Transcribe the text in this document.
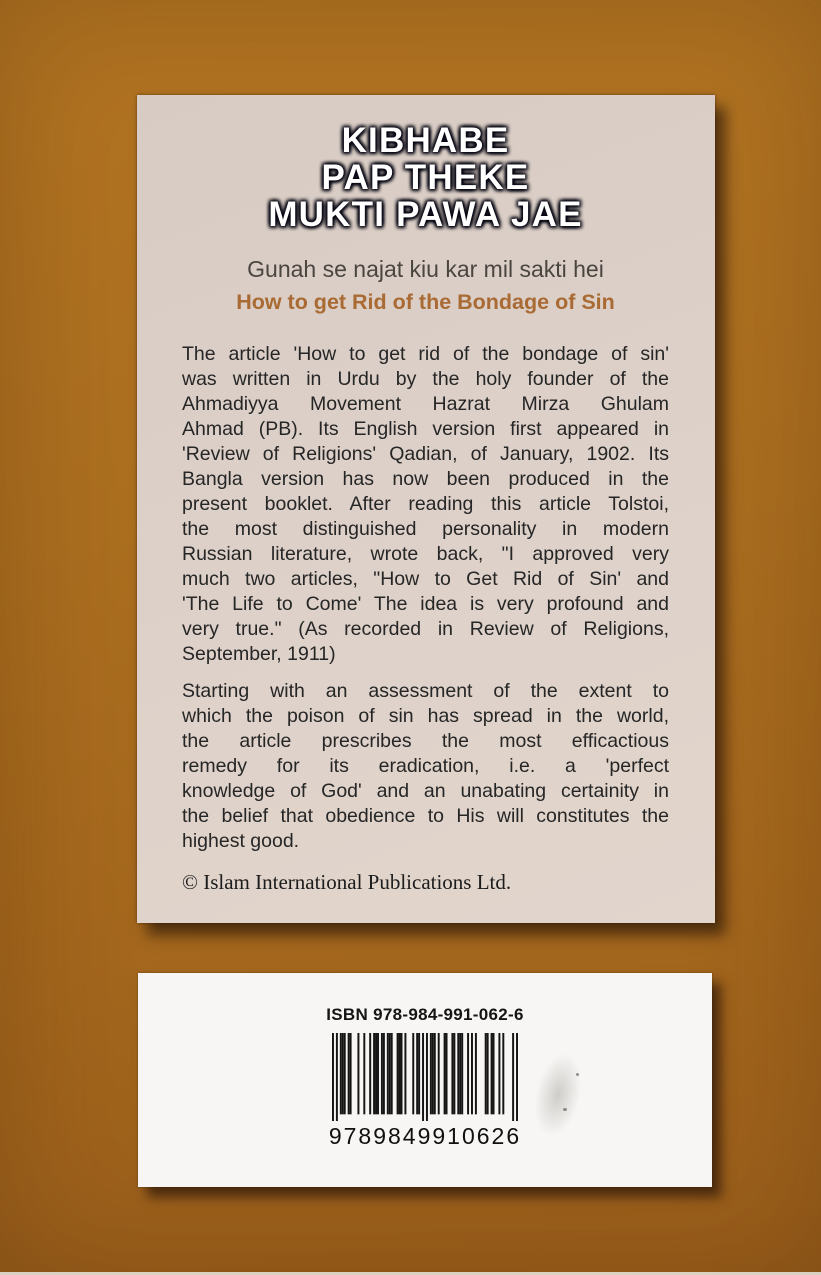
KIBHABE
PAP THEKE
MUKTI PAWA JAE
Gunah se najat kiu kar mil sakti hei
How to get Rid of the Bondage of Sin
The article 'How to get rid of the bondage of sin'
was written in Urdu by the holy founder of the
Ahmadiyya Movement Hazrat Mirza Ghulam
Ahmad (PB). Its English version first appeared in
'Review of Religions' Qadian, of January, 1902. Its
Bangla version has now been produced in the
present booklet. After reading this article Tolstoi,
the most distinguished personality in modern
Russian literature, wrote back, "I approved very
much two articles, "How to Get Rid of Sin' and
'The Life to Come' The idea is very profound and
very true." (As recorded in Review of Religions,
September, 1911)
Starting with an assessment of the extent to
which the poison of sin has spread in the world,
the article prescribes the most efficactious
remedy for its eradication, i.e. a 'perfect
knowledge of God' and an unabating certainity in
the belief that obedience to His will constitutes the
highest good.
© Islam International Publications Ltd.
ISBN 978-984-991-062-6
9789849910626
